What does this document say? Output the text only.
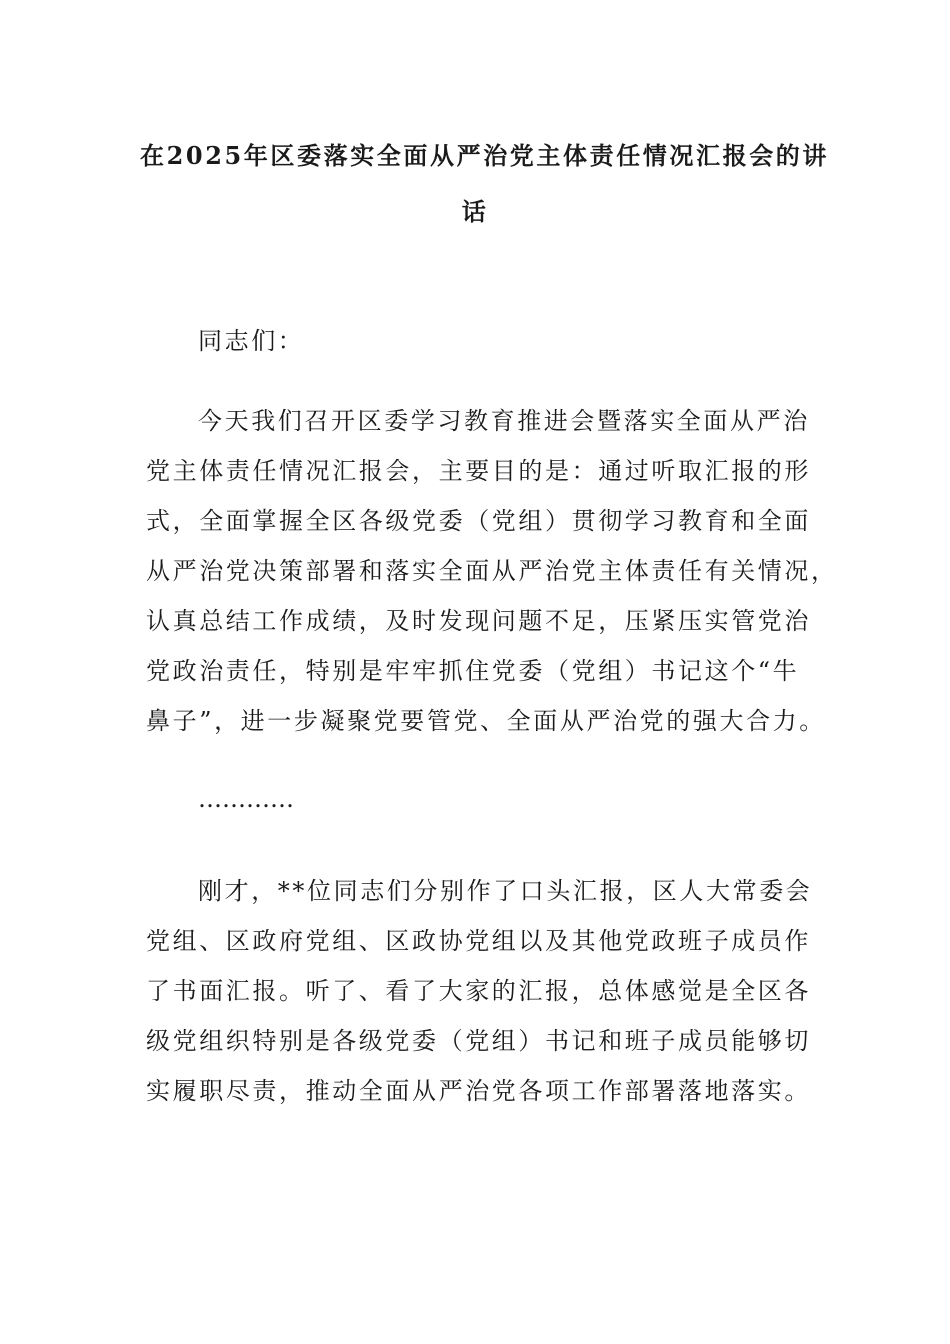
在2025年区委落实全面从严治党主体责任情况汇报会的讲
话
同志们：
今天我们召开区委学习教育推进会暨落实全面从严治
党主体责任情况汇报会，主要目的是：通过听取汇报的形
式，全面掌握全区各级党委（党组）贯彻学习教育和全面
从严治党决策部署和落实全面从严治党主体责任有关情况，
认真总结工作成绩，及时发现问题不足，压紧压实管党治
党政治责任，特别是牢牢抓住党委（党组）书记这个“牛
鼻子”，进一步凝聚党要管党、全面从严治党的强大合力。
…………
刚才，**位同志们分别作了口头汇报，区人大常委会
党组、区政府党组、区政协党组以及其他党政班子成员作
了书面汇报。听了、看了大家的汇报，总体感觉是全区各
级党组织特别是各级党委（党组）书记和班子成员能够切
实履职尽责，推动全面从严治党各项工作部署落地落实。
